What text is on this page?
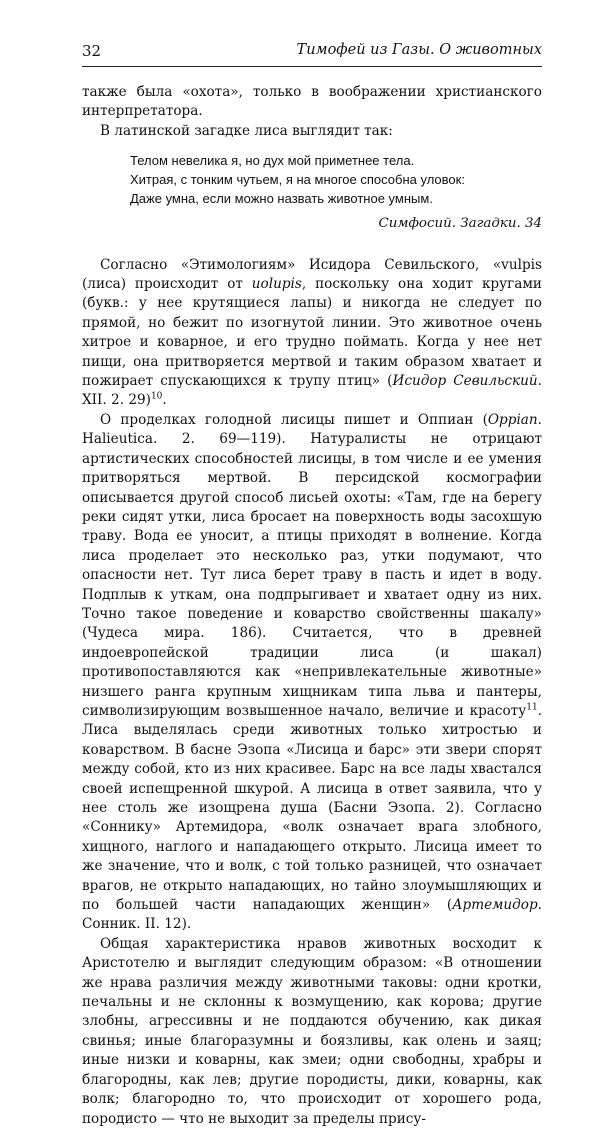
32	Тимофей из Газы. О животных

также была «охота», только в воображении христианского интерпретатора.

В латинской загадке лиса выглядит так:

Телом невелика я, но дух мой приметнее тела.
Хитрая, с тонким чутьем, я на многое способна уловок:
Даже умна, если можно назвать животное умным.
Симфосий. Загадки. 34

Согласно «Этимологиям» Исидора Севильского, «vulpis (лиса) происходит от uolupis, поскольку она ходит кругами (букв.: у нее крутящиеся лапы) и никогда не следует по прямой, но бежит по изогнутой линии. Это животное очень хитрое и коварное, и его трудно поймать. Когда у нее нет пищи, она притворяется мертвой и таким образом хватает и пожирает спускающихся к трупу птиц» (Исидор Севильский. XII. 2. 29)$^{10}$.

О проделках голодной лисицы пишет и Оппиан (Oppian. Halieutica. 2. 69—119). Натуралисты не отрицают артистических способностей лисицы, в том числе и ее умения притворяться мертвой. В персидской космографии описывается другой способ лисьей охоты: «Там, где на берегу реки сидят утки, лиса бросает на поверхность воды засохшую траву. Вода ее уносит, а птицы приходят в волнение. Когда лиса проделает это несколько раз, утки подумают, что опасности нет. Тут лиса берет траву в пасть и идет в воду. Подплыв к уткам, она подпрыгивает и хватает одну из них. Точно такое поведение и коварство свойственны шакалу» (Чудеса мира. 186). Считается, что в древней индоевропейской традиции лиса (и шакал) противопоставляются как «непривлекательные животные» низшего ранга крупным хищникам типа льва и пантеры, символизирующим возвышенное начало, величие и красоту$^{11}$. Лиса выделялась среди животных только хитростью и коварством. В басне Эзопа «Лисица и барс» эти звери спорят между собой, кто из них красивее. Барс на все лады хвастался своей испещренной шкурой. А лисица в ответ заявила, что у нее столь же изощрена душа (Басни Эзопа. 2). Согласно «Соннику» Артемидора, «волк означает врага злобного, хищного, наглого и нападающего открыто. Лисица имеет то же значение, что и волк, с той только разницей, что означает врагов, не открыто нападающих, но тайно злоумышляющих и по большей части нападающих женщин» (Артемидор. Сонник. II. 12).

Общая характеристика нравов животных восходит к Аристотелю и выглядит следующим образом: «В отношении же нрава различия между животными таковы: одни кротки, печальны и не склонны к возмущению, как корова; другие злобны, агрессивны и не поддаются обучению, как дикая свинья; иные благоразумны и боязливы, как олень и заяц; иные низки и коварны, как змеи; одни свободны, храбры и благородны, как лев; другие породисты, дики, коварны, как волк; благородно то, что происходит от хорошего рода, породисто — что не выходит за пределы прису-
